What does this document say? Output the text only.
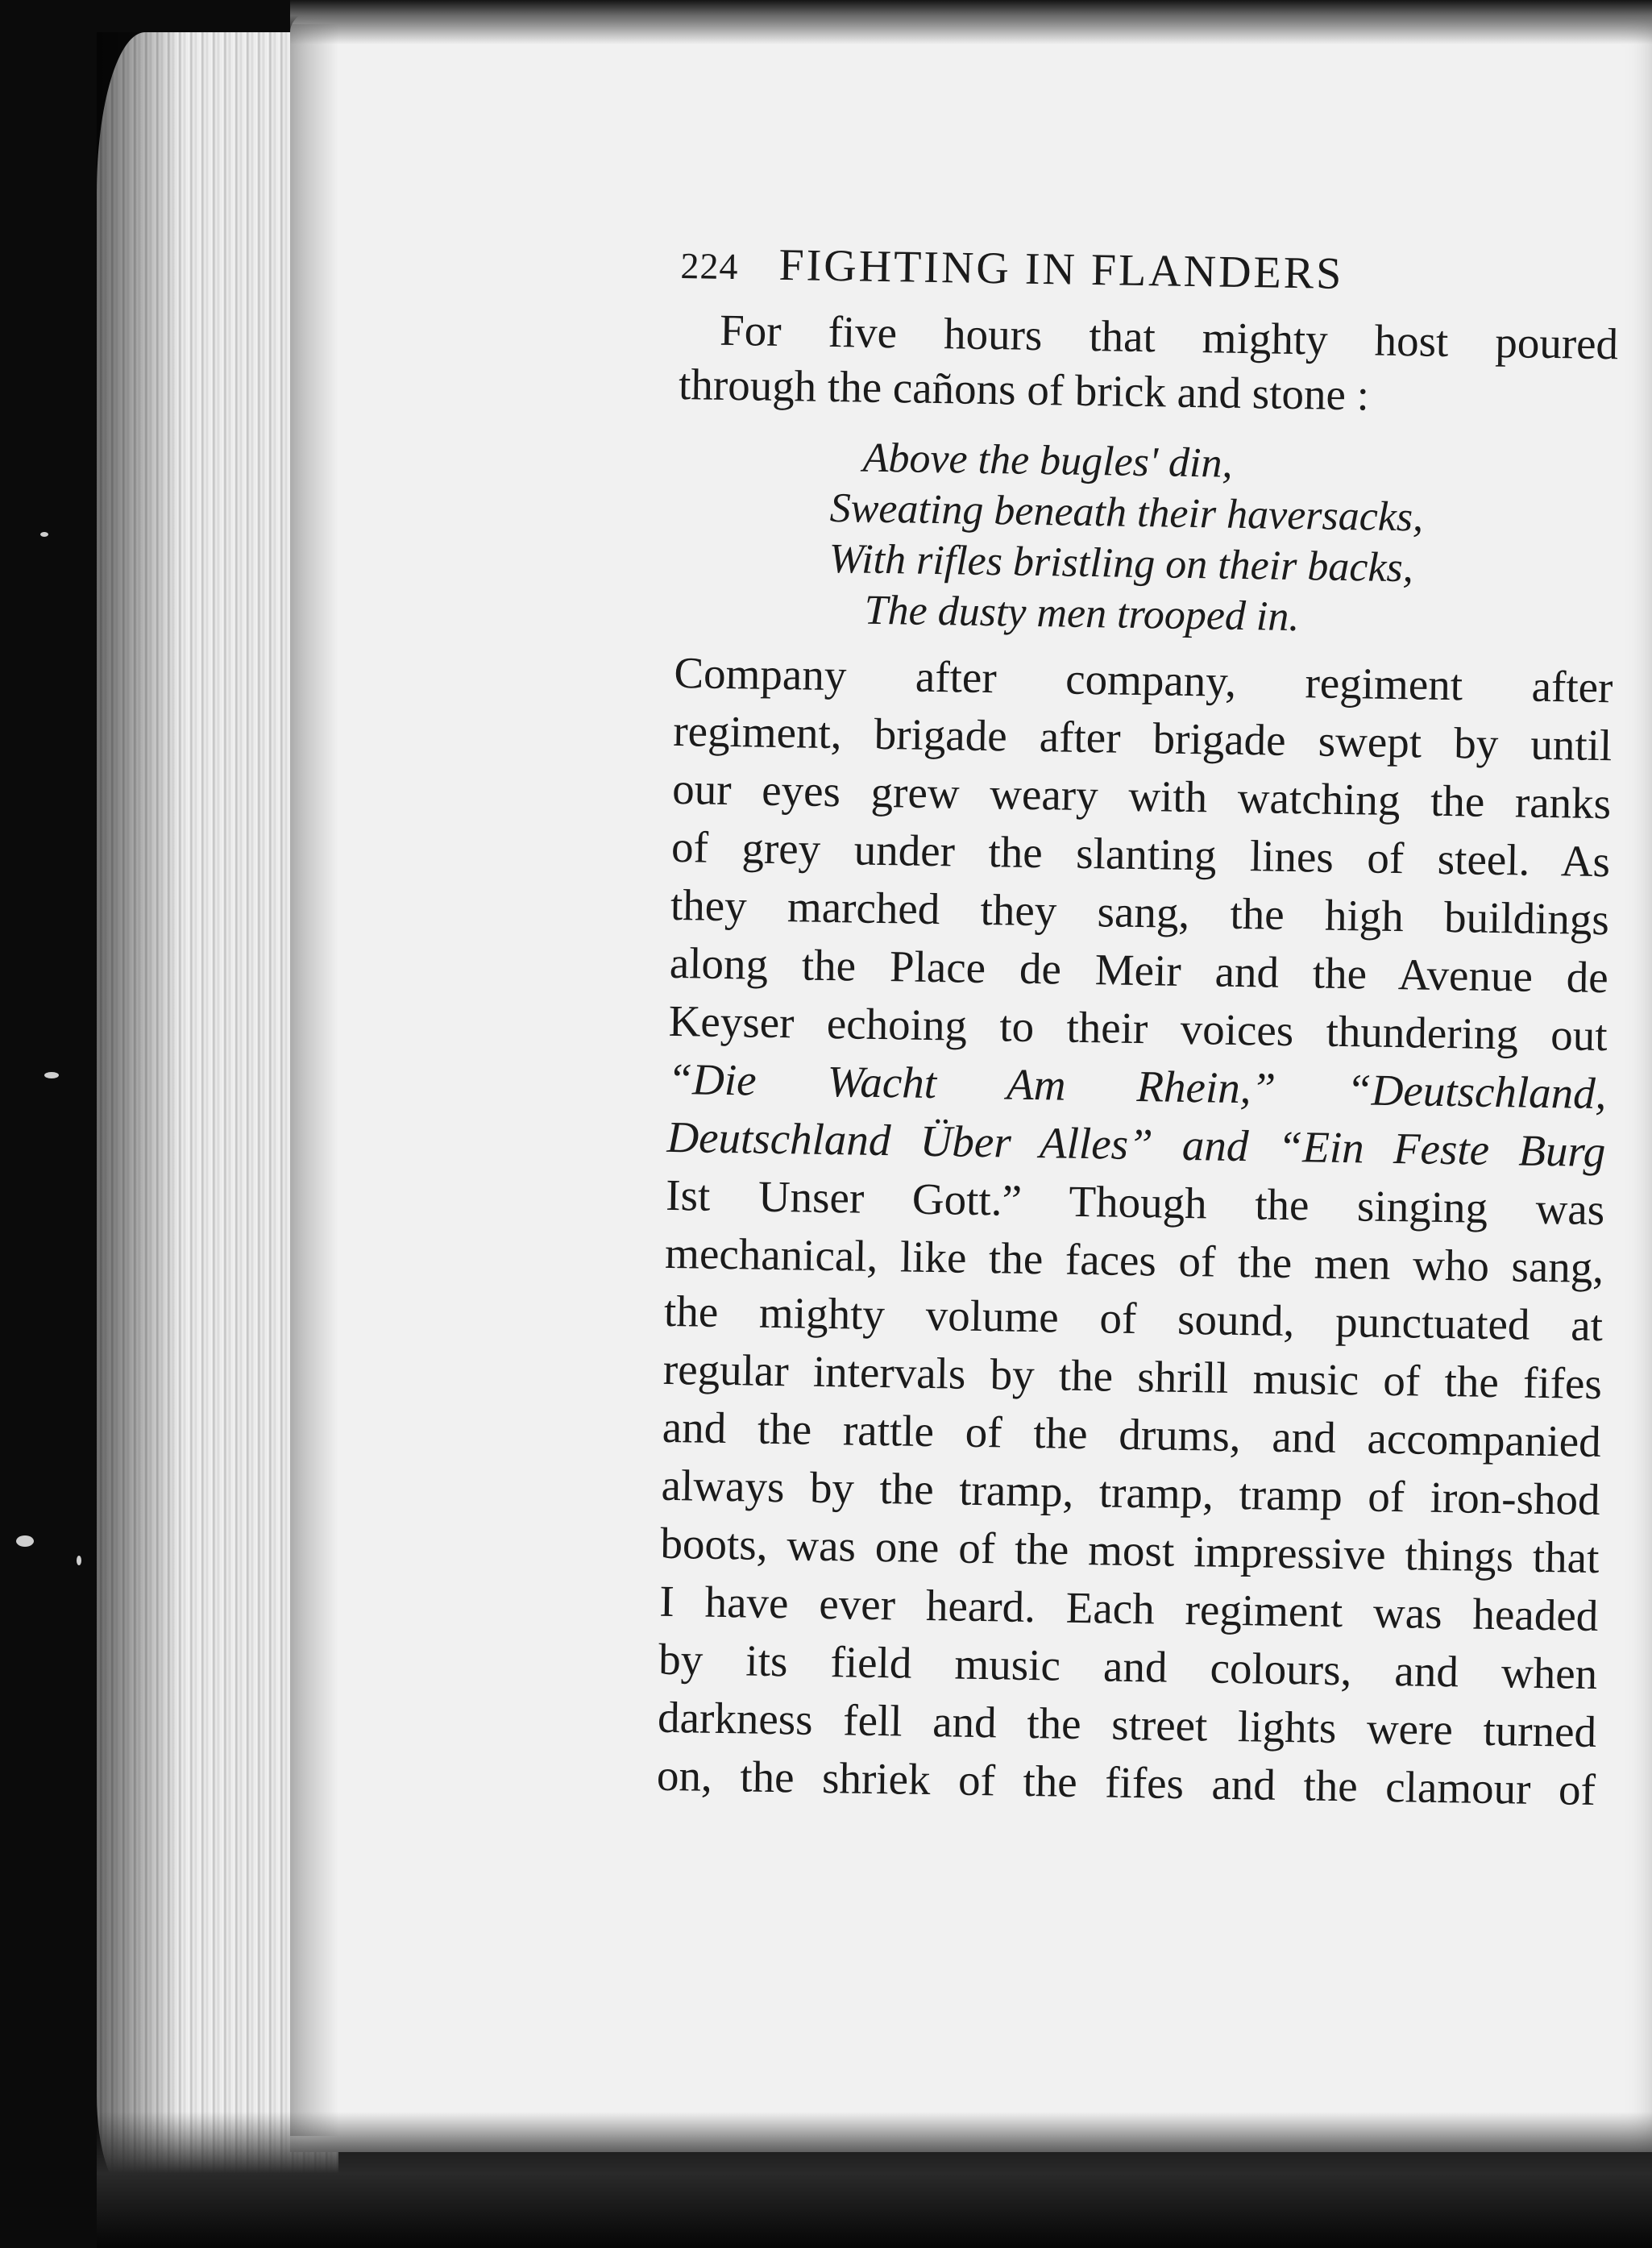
224 FIGHTING IN FLANDERS
For five hours that mighty host poured
through the cañons of brick and stone :
Above the bugles' din,
Sweating beneath their haversacks,
With rifles bristling on their backs,
The dusty men trooped in.
Company after company, regiment after
regiment, brigade after brigade swept by until
our eyes grew weary with watching the ranks
of grey under the slanting lines of steel. As
they marched they sang, the high buildings
along the Place de Meir and the Avenue de
Keyser echoing to their voices thundering out
“Die Wacht Am Rhein,” “Deutschland,
Deutschland Über Alles” and “Ein Feste Burg
Ist Unser Gott.” Though the singing was
mechanical, like the faces of the men who sang,
the mighty volume of sound, punctuated at
regular intervals by the shrill music of the fifes
and the rattle of the drums, and accompanied
always by the tramp, tramp, tramp of iron-shod
boots, was one of the most impressive things that
I have ever heard. Each regiment was headed
by its field music and colours, and when
darkness fell and the street lights were turned
on, the shriek of the fifes and the clamour of
